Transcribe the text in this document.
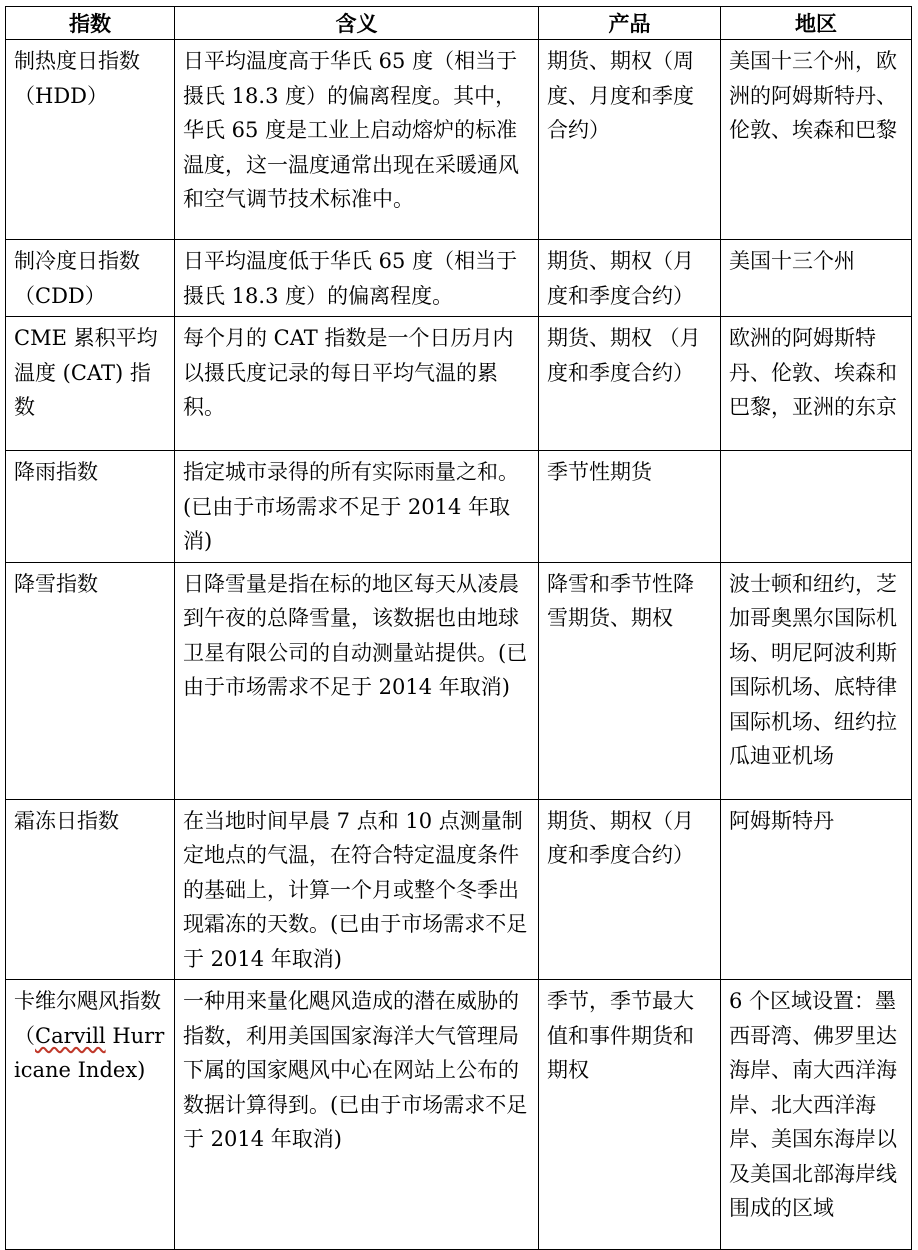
指数	含义	产品	地区
制热度日指数（HDD）	日平均温度高于华氏 65 度（相当于摄氏 18.3 度）的偏离程度。其中，华氏 65 度是工业上启动熔炉的标准温度，这一温度通常出现在采暖通风和空气调节技术标准中。	期货、期权（周度、月度和季度合约）	美国十三个州，欧洲的阿姆斯特丹、伦敦、埃森和巴黎
制冷度日指数（CDD）	日平均温度低于华氏 65 度（相当于摄氏 18.3 度）的偏离程度。	期货、期权（月度和季度合约）	美国十三个州
CME 累积平均温度 (CAT) 指数	每个月的 CAT 指数是一个日历月内以摄氏度记录的每日平均气温的累积。	期货、期权 （月度和季度合约）	欧洲的阿姆斯特丹、伦敦、埃森和巴黎，亚洲的东京
降雨指数	指定城市录得的所有实际雨量之和。(已由于市场需求不足于 2014 年取消)	季节性期货	
降雪指数	日降雪量是指在标的地区每天从凌晨到午夜的总降雪量，该数据也由地球卫星有限公司的自动测量站提供。(已由于市场需求不足于 2014 年取消)	降雪和季节性降雪期货、期权	波士顿和纽约，芝加哥奥黑尔国际机场、明尼阿波利斯国际机场、底特律国际机场、纽约拉瓜迪亚机场
霜冻日指数	在当地时间早晨 7 点和 10 点测量制定地点的气温，在符合特定温度条件的基础上，计算一个月或整个冬季出现霜冻的天数。(已由于市场需求不足于 2014 年取消)	期货、期权（月度和季度合约）	阿姆斯特丹
卡维尔飓风指数（Carvill Hurricane Index)	一种用来量化飓风造成的潜在威胁的指数，利用美国国家海洋大气管理局下属的国家飓风中心在网站上公布的数据计算得到。(已由于市场需求不足于 2014 年取消)	季节，季节最大值和事件期货和期权	6 个区域设置：墨西哥湾、佛罗里达海岸、南大西洋海岸、北大西洋海岸、美国东海岸以及美国北部海岸线围成的区域
